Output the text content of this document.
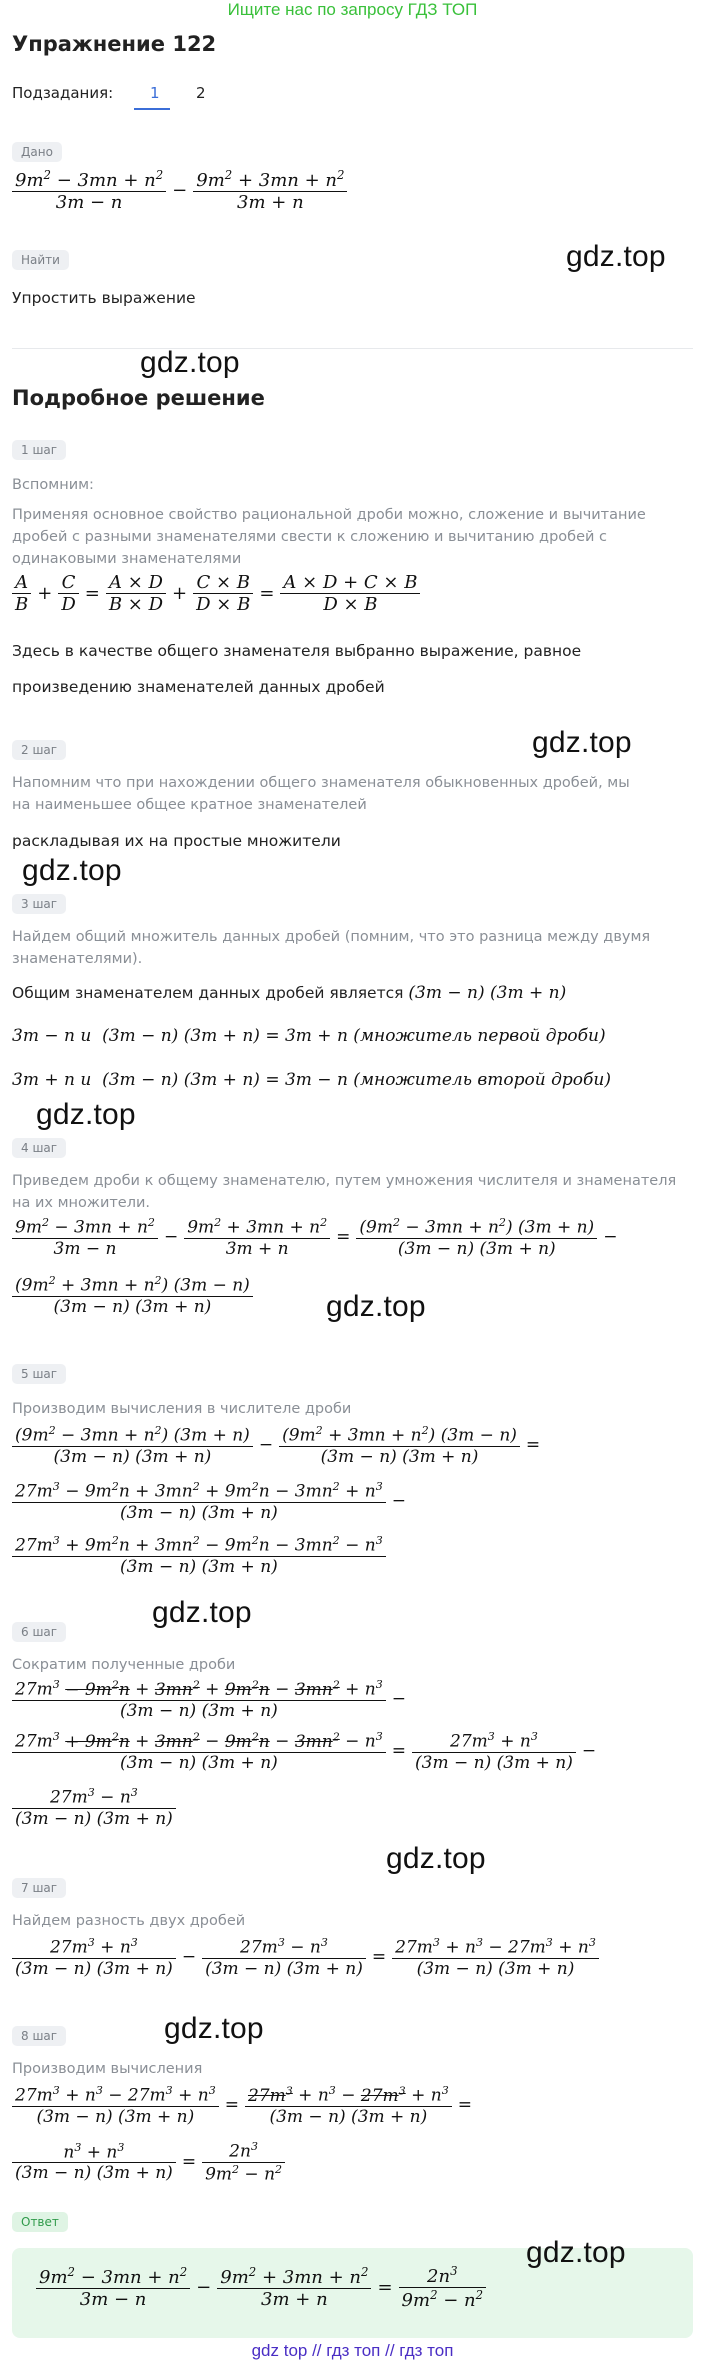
Ищите нас по запросу ГДЗ ТОП
Упражнение 122
Подзадания: 1 2
Дано
$\frac{9m^2 - 3mn + n^2}{3m - n} - \frac{9m^2 + 3mn + n^2}{3m + n}$
Найти
Упростить выражение
gdz.top
gdz.top
Подробное решение
1 шаг
Вспомним:
Применяя основное свойство рациональной дроби можно, сложение и вычитание дробей с разными знаменателями свести к сложению и вычитанию дробей с одинаковыми знаменателями
$\frac{A}{B} + \frac{C}{D} = \frac{A \times D}{B \times D} + \frac{C \times B}{D \times B} = \frac{A \times D + C \times B}{D \times B}$
Здесь в качестве общего знаменателя выбранно выражение, равное
произведению знаменателей данных дробей
2 шаг	gdz.top
Напомним что при нахождении общего знаменателя обыкновенных дробей, мы на наименьшее общее кратное знаменателей
раскладывая их на простые множители
gdz.top
3 шаг
Найдем общий множитель данных дробей (помним, что это разница между двумя знаменателями).
Общим знаменателем данных дробей является (3m − n) (3m + n)
3m − n и  (3m − n) (3m + n) = 3m + n (множитель первой дроби)
3m + n и  (3m − n) (3m + n) = 3m − n (множитель второй дроби)
gdz.top
4 шаг
Приведем дроби к общему знаменателю, путем умножения числителя и знаменателя на их множители.
$\frac{9m^2 - 3mn + n^2}{3m - n} - \frac{9m^2 + 3mn + n^2}{3m + n} = \frac{(9m^2 - 3mn + n^2) (3m + n)}{(3m - n) (3m + n)}$ −
$\frac{(9m^2 + 3mn + n^2) (3m - n)}{(3m - n) (3m + n)} gdz.top$
5 шаг
Производим вычисления в числителе дроби
$\frac{(9m^2 - 3mn + n^2) (3m + n)}{(3m - n) (3m + n)} - \frac{(9m^2 + 3mn + n^2) (3m - n)}{(3m - n) (3m + n)}$ =
$\frac{27m^3 - 9m^2n + 3mn^2 + 9m^2n - 3mn^2 + n^3}{(3m - n) (3m + n)}$ −
$\frac{27m^3 + 9m^2n + 3mn^2 - 9m^2n - 3mn^2 - n^3}{(3m - n) (3m + n)}$
gdz.top
6 шаг
Сократим полученные дроби
$\frac{27m^3 - 9m^2n + 3mn^2 + 9m^2n - 3mn^2 + n^3}{(3m - n) (3m + n)}$ −
$\frac{27m^3 + 9m^2n + 3mn^2 - 9m^2n - 3mn^2 - n^3}{(3m - n) (3m + n)} = \frac{27m^3 + n^3}{(3m - n) (3m + n)}$ −
$\frac{27m^3 - n^3}{(3m - n) (3m + n)}$
gdz.top
7 шаг
Найдем разность двух дробей
$\frac{27m^3 + n^3}{(3m - n) (3m + n)} - \frac{27m^3 - n^3}{(3m - n) (3m + n)} = \frac{27m^3 + n^3 - 27m^3 + n^3}{(3m - n) (3m + n)}$
gdz.top
8 шаг
Производим вычисления
$\frac{27m^3 + n^3 - 27m^3 + n^3}{(3m - n) (3m + n)} = \frac{27m^3 + n^3 - 27m^3 + n^3}{(3m - n) (3m + n)}$ =
$\frac{n^3 + n^3}{(3m - n) (3m + n)} = \frac{2n^3}{9m^2 - n^2}$
Ответ
$\frac{9m^2 - 3mn + n^2}{3m - n} - \frac{9m^2 + 3mn + n^2}{3m + n} = \frac{2n^3}{9m^2 - n^2}$
gdz.top
gdz top // гдз топ // гдз топ
